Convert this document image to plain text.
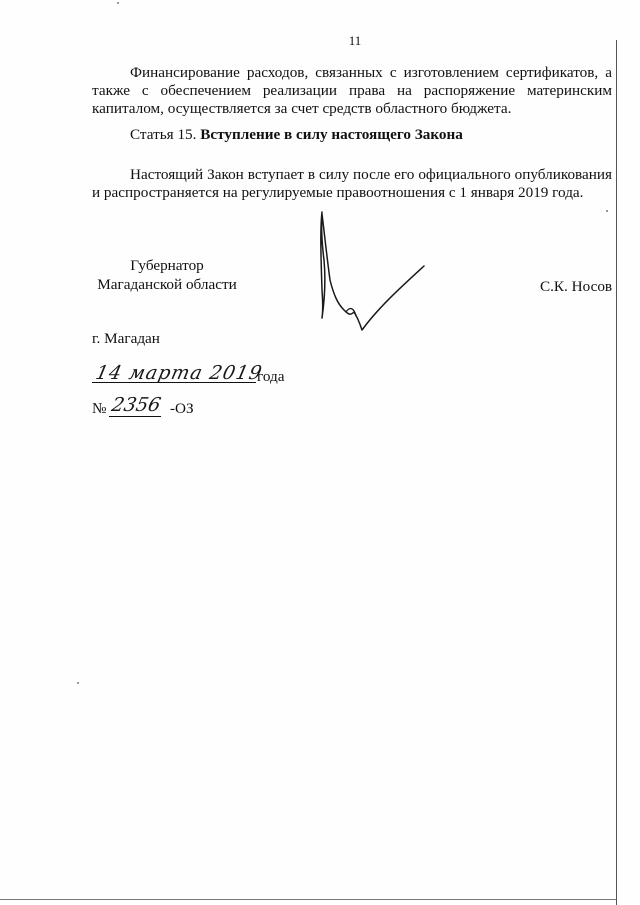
11
Финансирование расходов, связанных с изготовлением сертификатов, а также с обеспечением реализации права на распоряжение материнским капиталом, осуществляется за счет средств областного бюджета.
Статья 15. Вступление в силу настоящего Закона
Настоящий Закон вступает в силу после его официального опубликования и распространяется на регулируемые правоотношения с 1 января 2019 года.
Губернатор
Магаданской области	С.К. Носов
г. Магадан
14 марта 2019
года
№ 2356 -ОЗ
